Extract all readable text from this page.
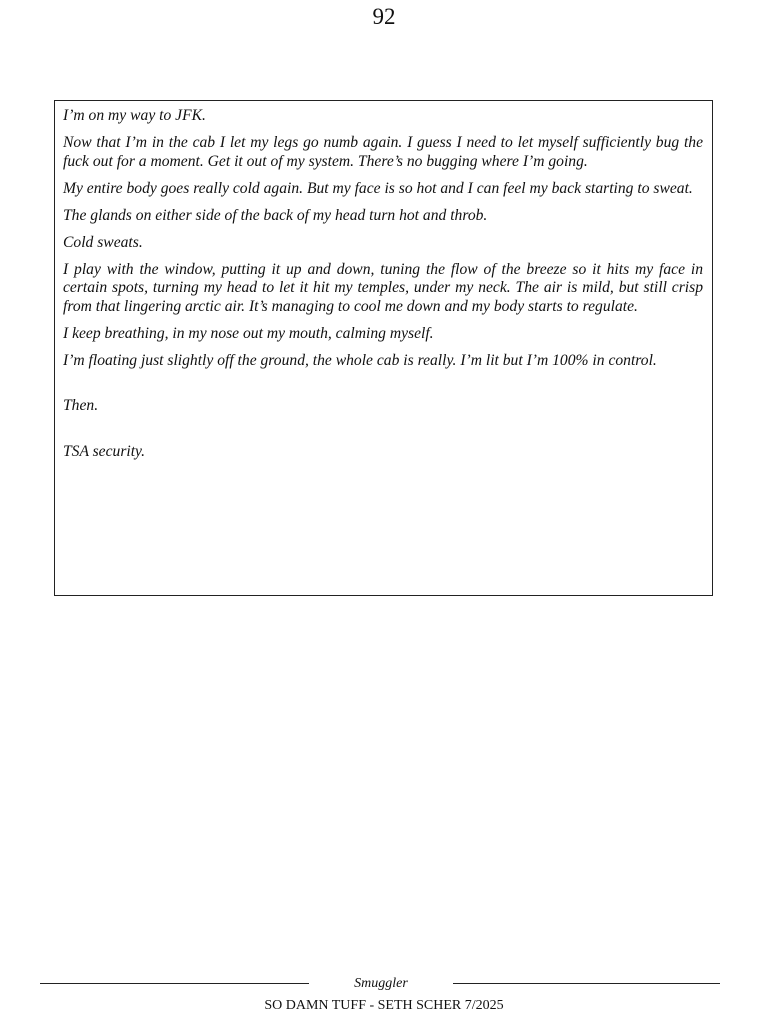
92

I’m on my way to JFK.

Now that I’m in the cab I let my legs go numb again. I guess I need to let myself sufficiently bug the fuck out for a moment. Get it out of my system. There’s no bugging where I’m going.

My entire body goes really cold again. But my face is so hot and I can feel my back starting to sweat.

The glands on either side of the back of my head turn hot and throb.

Cold sweats.

I play with the window, putting it up and down, tuning the flow of the breeze so it hits my face in certain spots, turning my head to let it hit my temples, under my neck. The air is mild, but still crisp from that lingering arctic air. It’s managing to cool me down and my body starts to regulate.

I keep breathing, in my nose out my mouth, calming myself.

I’m floating just slightly off the ground, the whole cab is really. I’m lit but I’m 100% in control.

Then.

TSA security.

Smuggler
SO DAMN TUFF - SETH SCHER 7/2025
